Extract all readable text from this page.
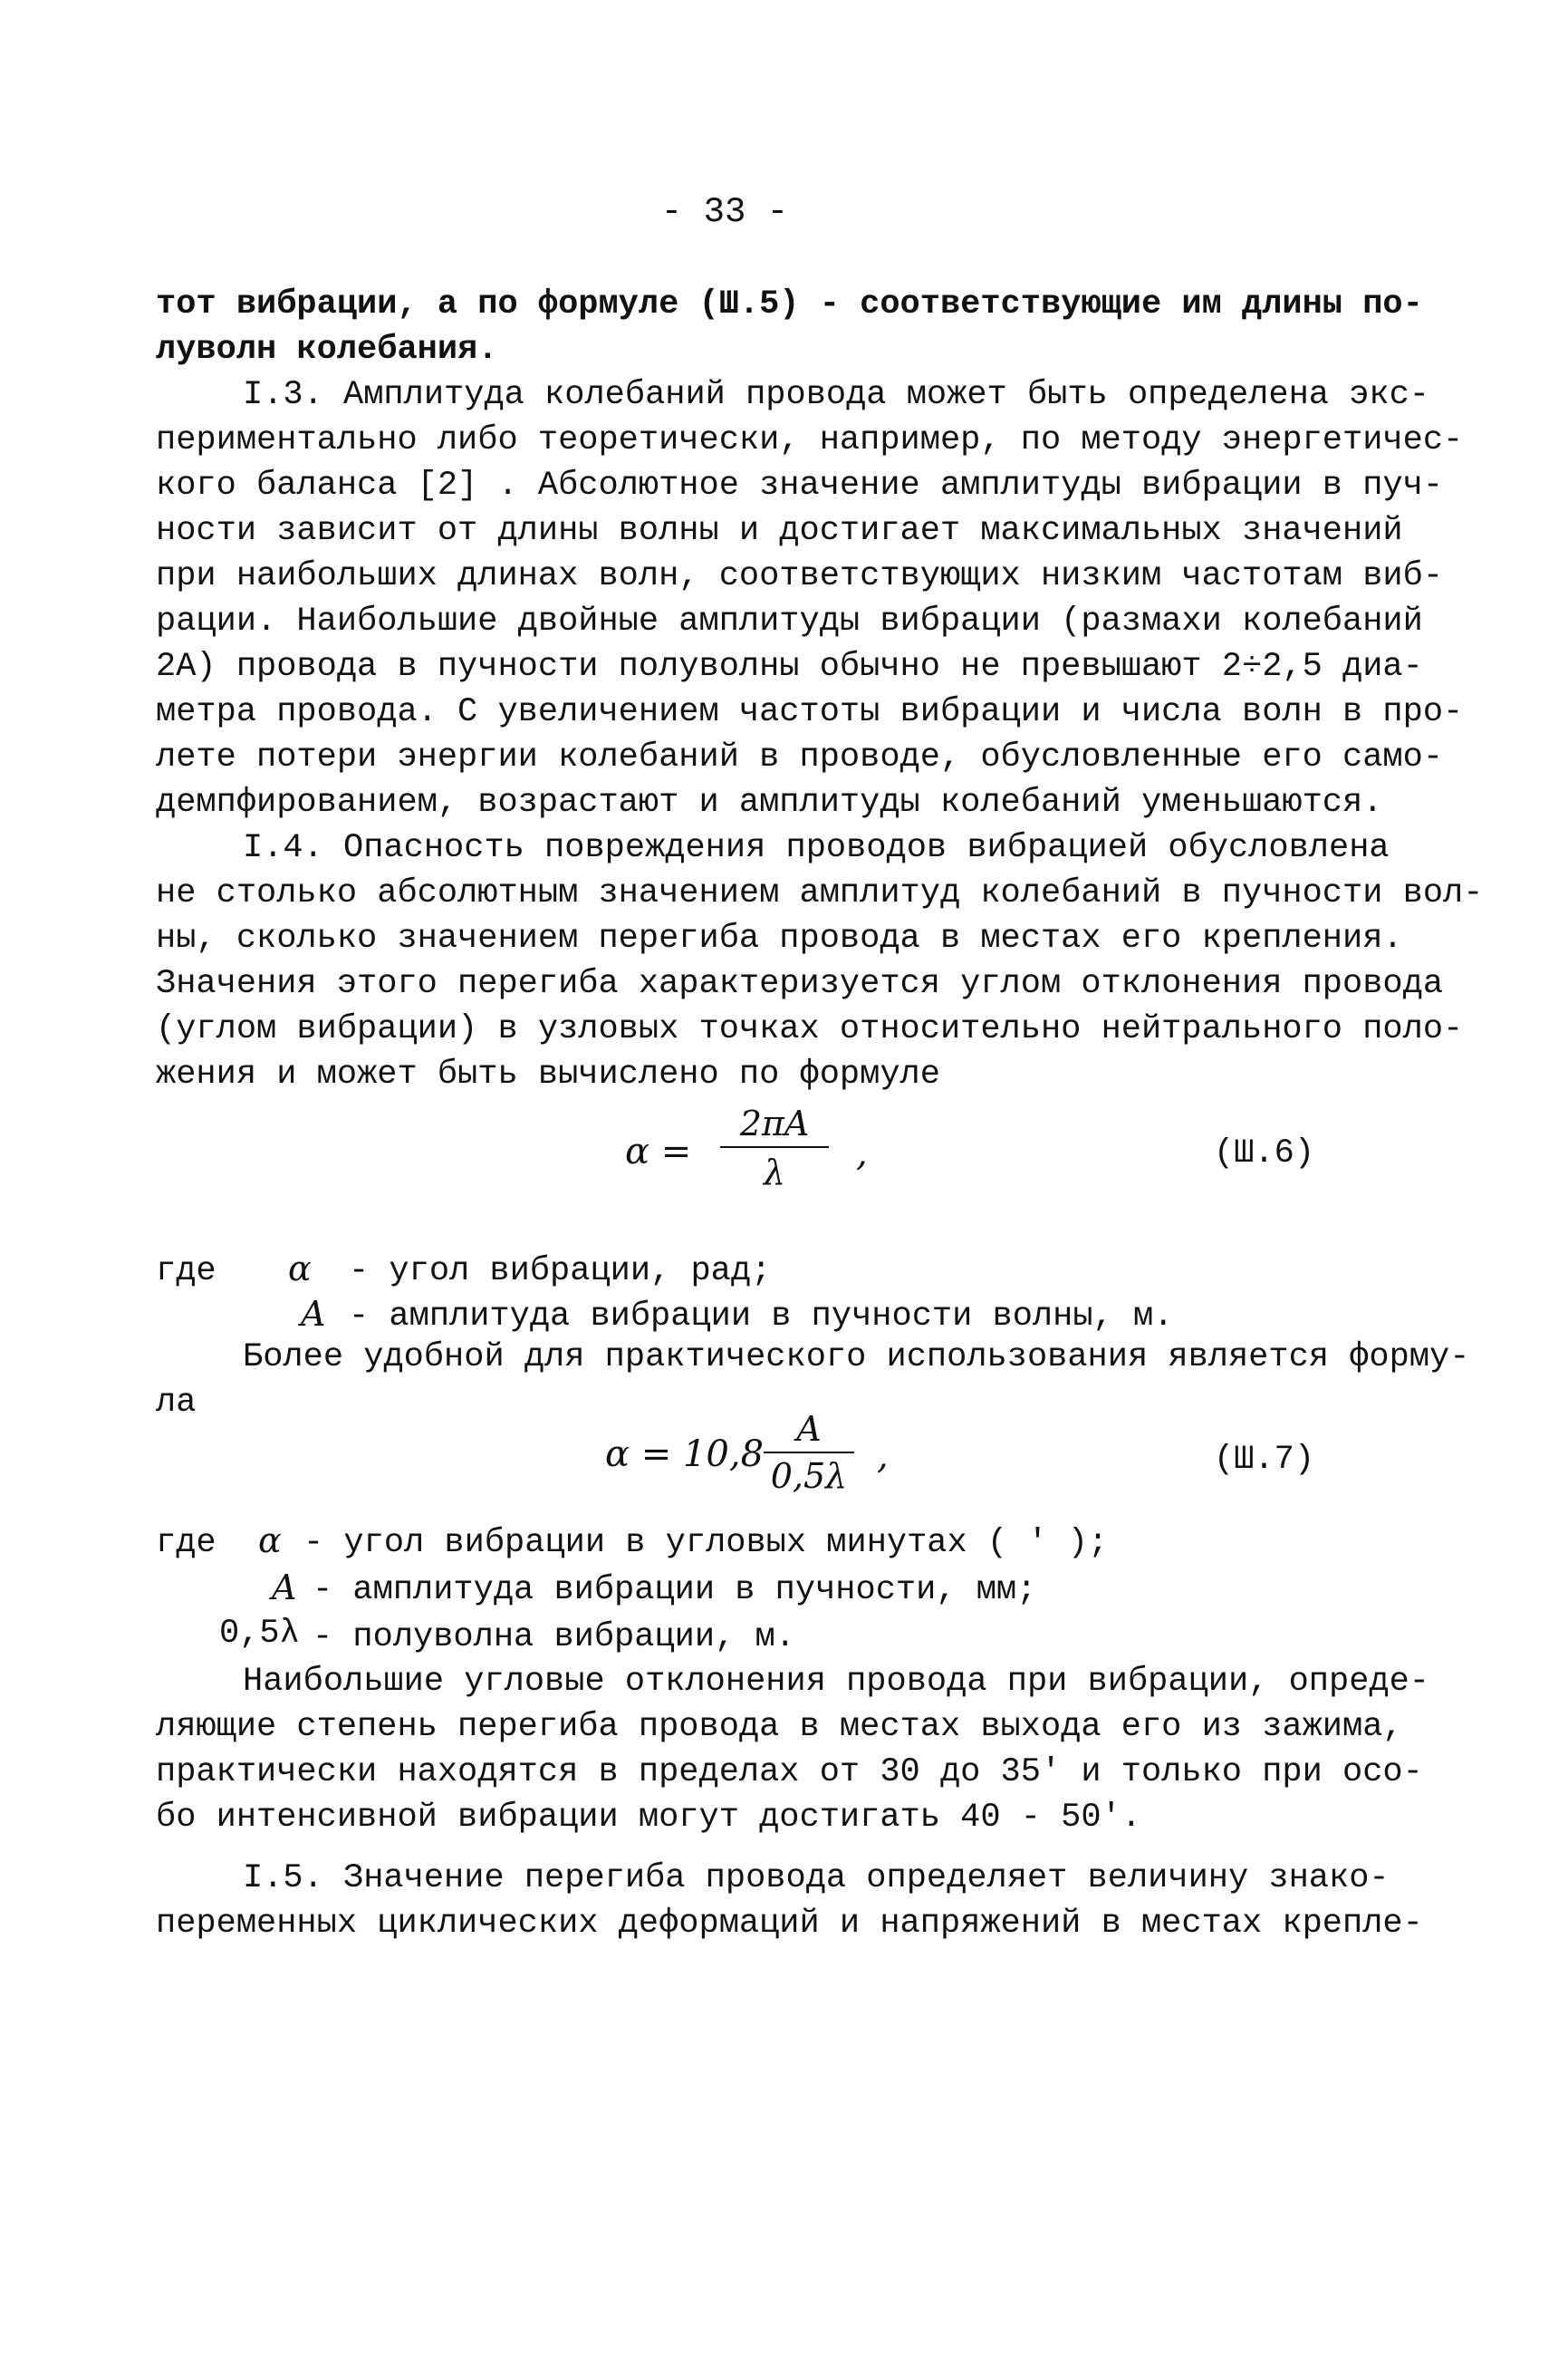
- 33 -
тот вибрации, а по формуле (Ш.5) - соответствующие им длины по-
луволн колебания.
I.3. Амплитуда колебаний провода может быть определена экс-
периментально либо теоретически, например, по методу энергетичес-
кого баланса [2] . Абсолютное значение амплитуды вибрации в пуч-
ности зависит от длины волны и достигает максимальных значений
при наибольших длинах волн, соответствующих низким частотам виб-
рации. Наибольшие двойные амплитуды вибрации (размахи колебаний
2А) провода в пучности полуволны обычно не превышают 2÷2,5 диа-
метра провода. С увеличением частоты вибрации и числа волн в про-
лете потери энергии колебаний в проводе, обусловленные его само-
демпфированием, возрастают и амплитуды колебаний уменьшаются.
I.4. Опасность повреждения проводов вибрацией обусловлена
не столько абсолютным значением амплитуд колебаний в пучности вол-
ны, сколько значением перегиба провода в местах его крепления.
Значения этого перегиба характеризуется углом отклонения провода
(углом вибрации) в узловых точках относительно нейтрального поло-
жения и может быть вычислено по формуле
α =
2πA
λ	,	(Ш.6)
где α - угол вибрации, рад;
A - амплитуда вибрации в пучности волны, м.
Более удобной для практического использования является форму-
ла
α = 10,8
A
0,5λ ,	(Ш.7)
где α - угол вибрации в угловых минутах ( ′ );
A - амплитуда вибрации в пучности, мм;
0,5λ - полуволна вибрации, м.
Наибольшие угловые отклонения провода при вибрации, опреде-
ляющие степень перегиба провода в местах выхода его из зажима,
практически находятся в пределах от 30 до 35′ и только при осо-
бо интенсивной вибрации могут достигать 40 - 50′.
I.5. Значение перегиба провода определяет величину знако-
переменных циклических деформаций и напряжений в местах крепле-
